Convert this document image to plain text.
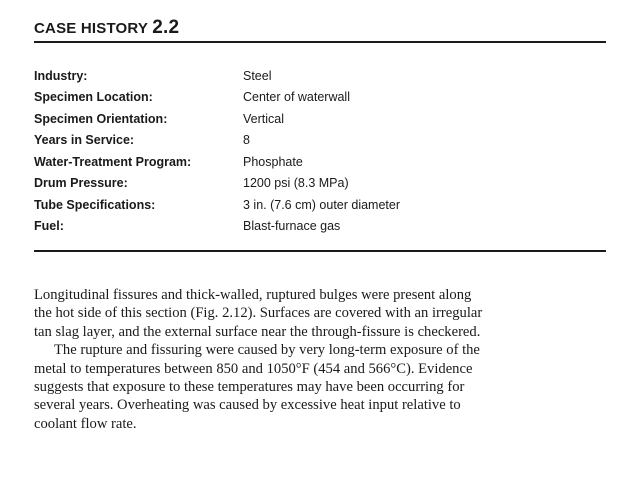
CASE HISTORY 2.2
Industry:	Steel
Specimen Location:	Center of waterwall
Specimen Orientation:	Vertical
Years in Service:	8
Water-Treatment Program:	Phosphate
Drum Pressure:	1200 psi (8.3 MPa)
Tube Specifications:	3 in. (7.6 cm) outer diameter
Fuel:	Blast-furnace gas

Longitudinal fissures and thick-walled, ruptured bulges were present along
the hot side of this section (Fig. 2.12). Surfaces are covered with an irregular
tan slag layer, and the external surface near the through-fissure is checkered.

The rupture and fissuring were caused by very long-term exposure of the
metal to temperatures between 850 and 1050°F (454 and 566°C). Evidence
suggests that exposure to these temperatures may have been occurring for
several years. Overheating was caused by excessive heat input relative to
coolant flow rate.
